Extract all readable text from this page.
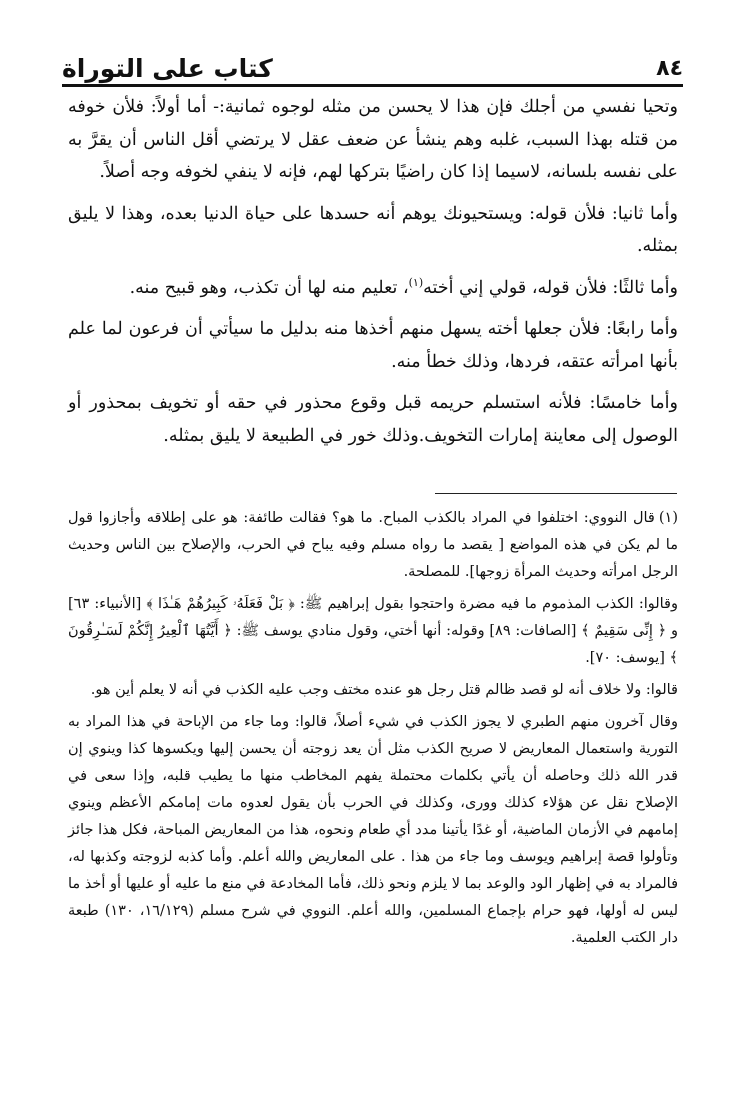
٨٤
كتاب على التوراة

وتحيا نفسي من أجلك فإن هذا لا يحسن من مثله لوجوه ثمانية:- أما أولاً: فلأن خوفه من قتله بهذا السبب، غلبه وهم ينشأ عن ضعف عقل لا يرتضي أقل الناس أن يقرَّ به على نفسه بلسانه، لاسيما إذا كان راضيًا بتركها لهم، فإنه لا ينفي لخوفه وجه أصلاً.

وأما ثانيا: فلأن قوله: ويستحيونك يوهم أنه حسدها على حياة الدنيا بعده، وهذا لا يليق بمثله.

وأما ثالثًا: فلأن قوله، قولي إني أخته$^{(١)}$، تعليم منه لها أن تكذب، وهو قبيح منه.

وأما رابعًا: فلأن جعلها أخته يسهل منهم أخذها منه بدليل ما سيأتي أن فرعون لما علم بأنها امرأته عتقه، فردها، وذلك خطأ منه.

وأما خامسًا: فلأنه استسلم حريمه قبل وقوع محذور في حقه أو تخويف بمحذور أو الوصول إلى معاينة إمارات التخويف.وذلك خور في الطبيعة لا يليق بمثله.

(١)قال النووي: اختلفوا في المراد بالكذب المباح. ما هو؟ فقالت طائفة: هو على إطلاقه وأجازوا قول ما لم يكن في هذه المواضع [ يقصد ما رواه مسلم وفيه يباح في الحرب، والإصلاح بين الناس وحديث الرجل امرأته وحديث المرأة زوجها]. للمصلحة.

وقالوا: الكذب المذموم ما فيه مضرة واحتجوا بقول إبراهيم ﷺ: ﴿ بَلْ فَعَلَهُۥ كَبِيرُهُمْ هَـٰذَا ﴾ [الأنبياء: ٦٣] و ﴿ إِنِّى سَقِيمٌ ﴾ [الصافات: ٨٩] وقوله: أنها أختي، وقول منادي يوسف ﷺ: ﴿ أَيَّتُهَا ٱلْعِيرُ إِنَّكُمْ لَسَـٰرِقُونَ ﴾ [يوسف: ٧٠].

قالوا: ولا خلاف أنه لو قصد ظالم قتل رجل هو عنده مختف وجب عليه الكذب في أنه لا يعلم أين هو.

وقال آخرون منهم الطبري لا يجوز الكذب في شيء أصلاً، قالوا: وما جاء من الإباحة في هذا المراد به التورية واستعمال المعاريض لا صريح الكذب مثل أن يعد زوجته أن يحسن إليها ويكسوها كذا وينوي إن قدر الله ذلك وحاصله أن يأتي بكلمات محتملة يفهم المخاطب منها ما يطيب قلبه، وإذا سعى في الإصلاح نقل عن هؤلاء كذلك وورى، وكذلك في الحرب بأن يقول لعدوه مات إمامكم الأعظم وينوي إمامهم في الأزمان الماضية، أو غدًا يأتينا مدد أي طعام ونحوه، هذا من المعاريض المباحة، فكل هذا جائز وتأولوا قصة إبراهيم ويوسف وما جاء من هذا . على المعاريض والله أعلم. وأما كذبه لزوجته وكذبها له، فالمراد به في إظهار الود والوعد بما لا يلزم ونحو ذلك، فأما المخادعة في منع ما عليه أو عليها أو أخذ ما ليس له أولها، فهو حرام بإجماع المسلمين، والله أعلم. النووي في شرح مسلم (١٦/١٢٩، ١٣٠) طبعة دار الكتب العلمية.
